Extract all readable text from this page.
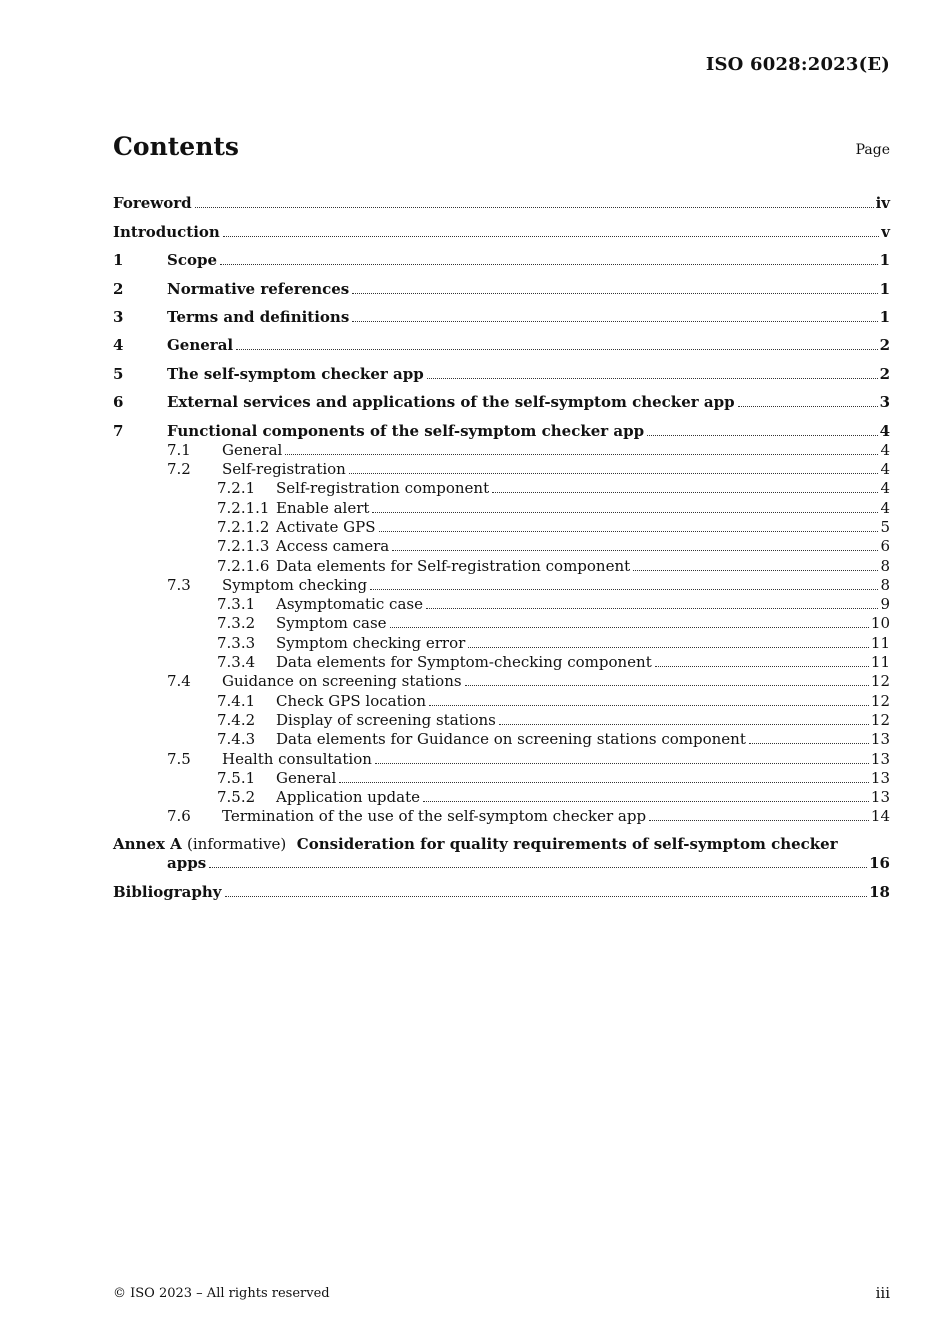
ISO 6028:2023(E)
Contents	Page
Foreword	iv
Introduction	v
1	Scope	1
2	Normative references	1
3	Terms and definitions	1
4	General	2
5	The self-symptom checker app	2
6	External services and applications of the self-symptom checker app	3
7	Functional components of the self-symptom checker app	4
7.1	General	4
7.2	Self-registration	4
7.2.1	Self-registration component	4
7.2.1.1 Enable alert	4
7.2.1.2 Activate GPS	5
7.2.1.3 Access camera	6
7.2.1.6 Data elements for Self-registration component	8
7.3	Symptom checking	8
7.3.1	Asymptomatic case	9
7.3.2	Symptom case	10
7.3.3	Symptom checking error	11
7.3.4	Data elements for Symptom-checking component	11
7.4	Guidance on screening stations	12
7.4.1	Check GPS location	12
7.4.2	Display of screening stations	12
7.4.3	Data elements for Guidance on screening stations component	13
7.5	Health consultation	13
7.5.1	General	13
7.5.2	Application update	13
7.6	Termination of the use of the self-symptom checker app	14
Annex A (informative) Consideration for quality requirements of self-symptom checker
apps	16
Bibliography	18
© ISO 2023 – All rights reserved	iii
